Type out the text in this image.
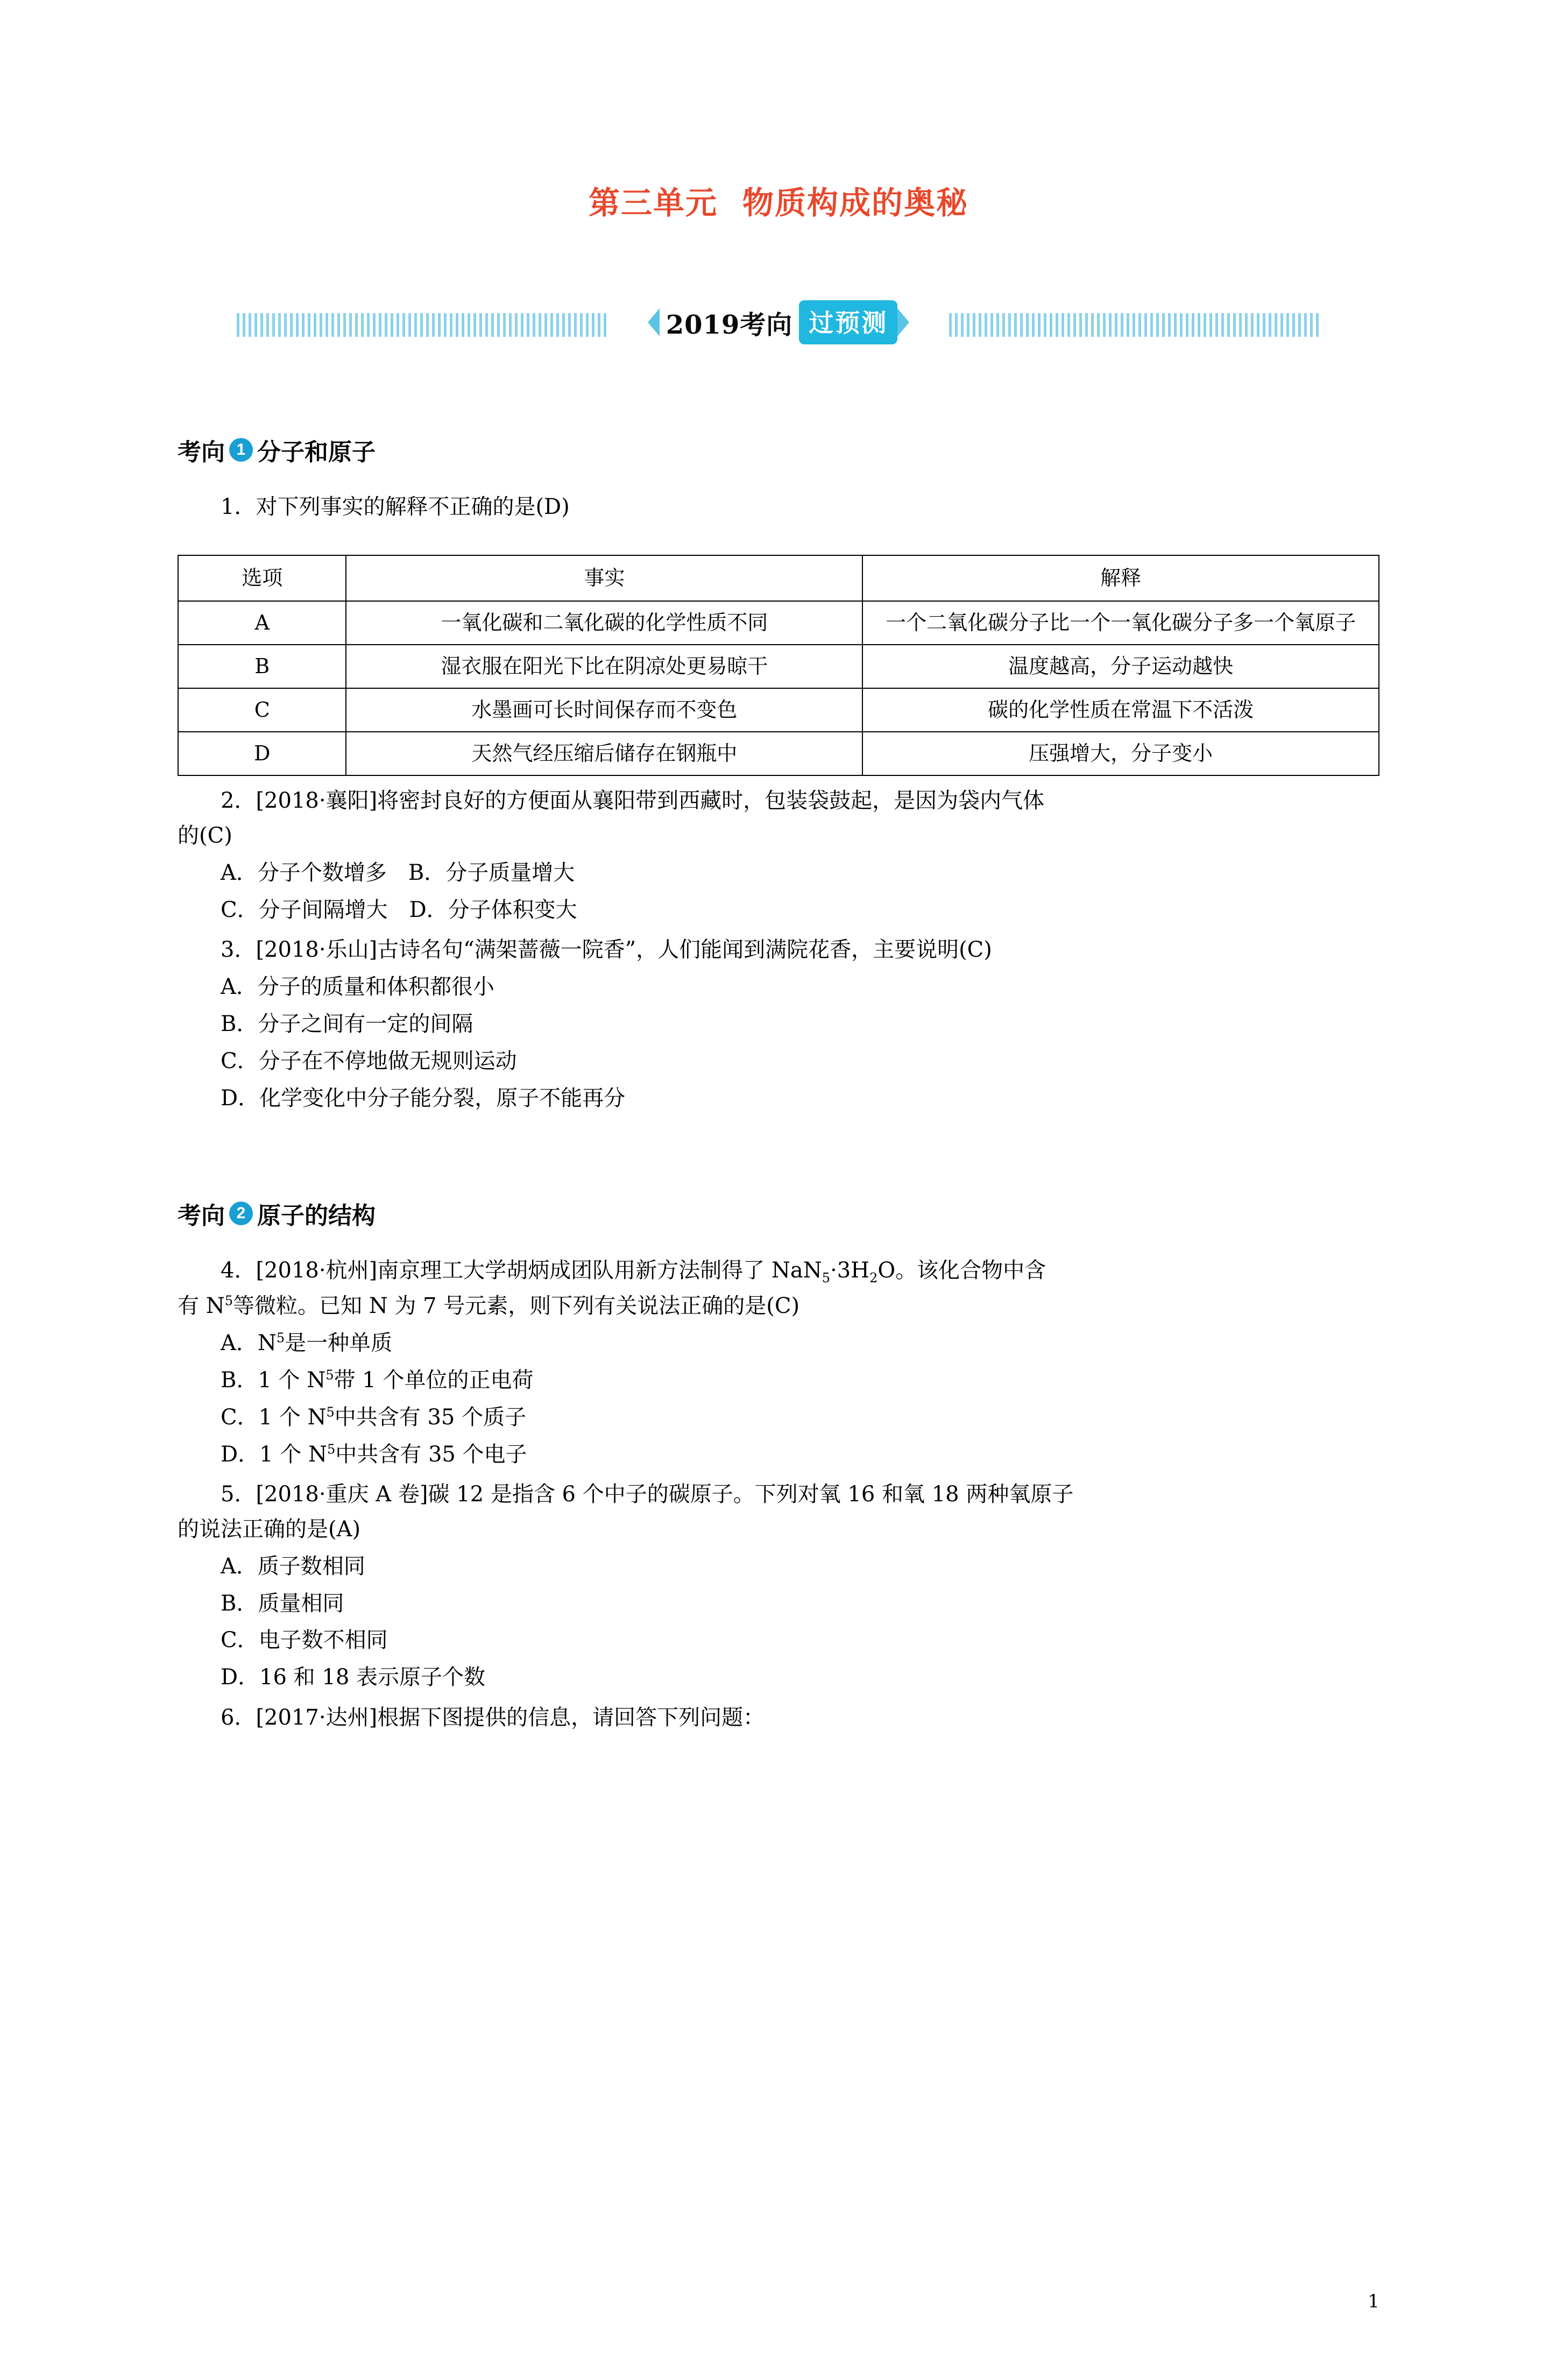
第三单元 物质构成的奥秘
2019考向 过预测
考向 1 分子和原子
1．对下列事实的解释不正确的是(D)
选项	事实	解释
A	一氧化碳和二氧化碳的化学性质不同	一个二氧化碳分子比一个一氧化碳分子多一个氧原子
B	湿衣服在阳光下比在阴凉处更易晾干	温度越高，分子运动越快
C	水墨画可长时间保存而不变色	碳的化学性质在常温下不活泼
D	天然气经压缩后储存在钢瓶中	压强增大，分子变小
2．[2018·襄阳]将密封良好的方便面从襄阳带到西藏时，包装袋鼓起，是因为袋内气体
的(C)
A．分子个数增多　B．分子质量增大
C．分子间隔增大　D．分子体积变大
3．[2018·乐山]古诗名句“满架蔷薇一院香”，人们能闻到满院花香，主要说明(C)
A．分子的质量和体积都很小
B．分子之间有一定的间隔
C．分子在不停地做无规则运动
D．化学变化中分子能分裂，原子不能再分
考向 2 原子的结构
4．[2018·杭州]南京理工大学胡炳成团队用新方法制得了 $NaN_5\cdot 3H_2O$。该化合物中含
有 $N^5$等微粒。已知 N 为 7 号元素，则下列有关说法正确的是(C)
A．$N^5$是一种单质
B．1 个 $N^5$带 1 个单位的正电荷
C．1 个 $N^5$中共含有 35 个质子
D．1 个 $N^5$中共含有 35 个电子
5．[2018·重庆 A 卷]碳 12 是指含 6 个中子的碳原子。下列对氧 16 和氧 18 两种氧原子
的说法正确的是(A)
A．质子数相同
B．质量相同
C．电子数不相同
D．16 和 18 表示原子个数
6．[2017·达州]根据下图提供的信息，请回答下列问题：
1
